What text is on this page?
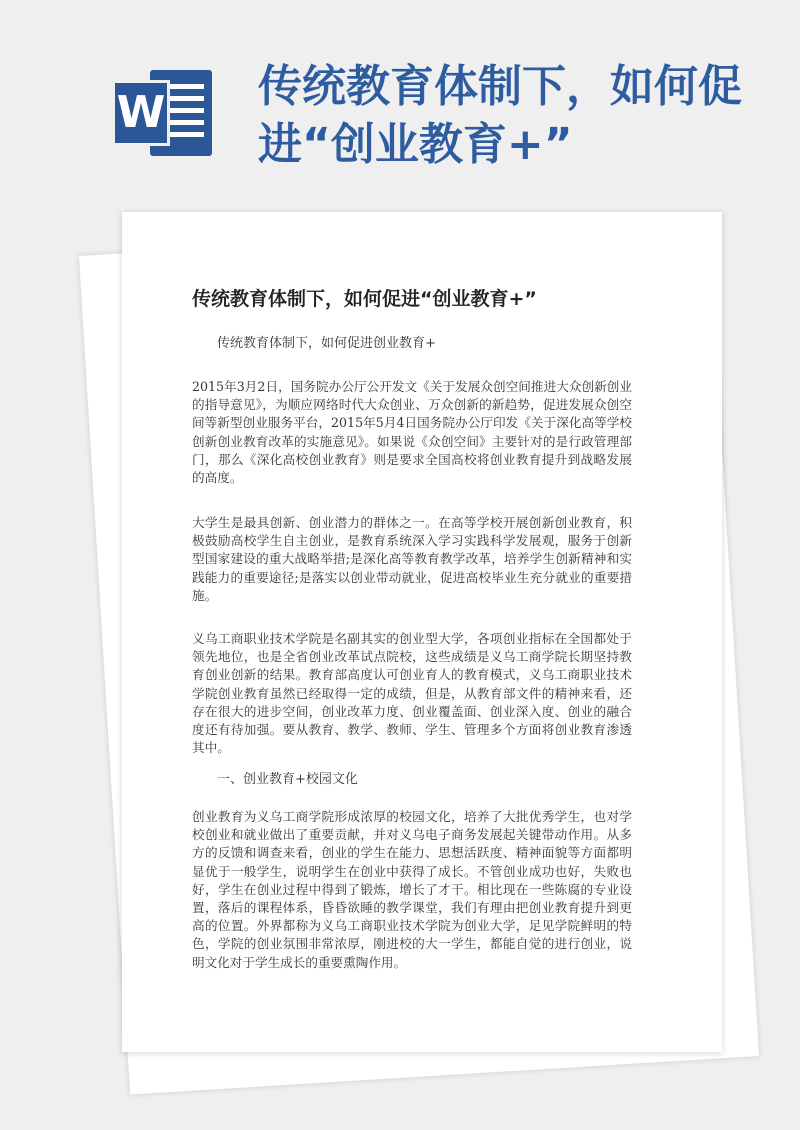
W
传统教育体制下，如何促进“创业教育+”
传统教育体制下，如何促进“创业教育+”
传统教育体制下，如何促进创业教育+

2015年3月2日，国务院办公厅公开发文《关于发展众创空间推进大众创新创业的指导意见》，为顺应网络时代大众创业、万众创新的新趋势，促进发展众创空间等新型创业服务平台，2015年5月4日国务院办公厅印发《关于深化高等学校创新创业教育改革的实施意见》。如果说《众创空间》主要针对的是行政管理部门，那么《深化高校创业教育》则是要求全国高校将创业教育提升到战略发展的高度。

大学生是最具创新、创业潜力的群体之一。在高等学校开展创新创业教育，积极鼓励高校学生自主创业，是教育系统深入学习实践科学发展观，服务于创新型国家建设的重大战略举措;是深化高等教育教学改革，培养学生创新精神和实践能力的重要途径;是落实以创业带动就业，促进高校毕业生充分就业的重要措施。

义乌工商职业技术学院是名副其实的创业型大学，各项创业指标在全国都处于领先地位，也是全省创业改革试点院校，这些成绩是义乌工商学院长期坚持教育创业创新的结果。教育部高度认可创业育人的教育模式，义乌工商职业技术学院创业教育虽然已经取得一定的成绩，但是，从教育部文件的精神来看，还存在很大的进步空间，创业改革力度、创业覆盖面、创业深入度、创业的融合度还有待加强。要从教育、教学、教师、学生、管理多个方面将创业教育渗透其中。

一、创业教育+校园文化

创业教育为义乌工商学院形成浓厚的校园文化，培养了大批优秀学生，也对学校创业和就业做出了重要贡献，并对义乌电子商务发展起关键带动作用。从多方的反馈和调查来看，创业的学生在能力、思想活跃度、精神面貌等方面都明显优于一般学生，说明学生在创业中获得了成长。不管创业成功也好，失败也好，学生在创业过程中得到了锻炼，增长了才干。相比现在一些陈腐的专业设置，落后的课程体系，昏昏欲睡的教学课堂，我们有理由把创业教育提升到更高的位置。外界都称为义乌工商职业技术学院为创业大学，足见学院鲜明的特色，学院的创业氛围非常浓厚，刚进校的大一学生，都能自觉的进行创业，说明文化对于学生成长的重要熏陶作用。
